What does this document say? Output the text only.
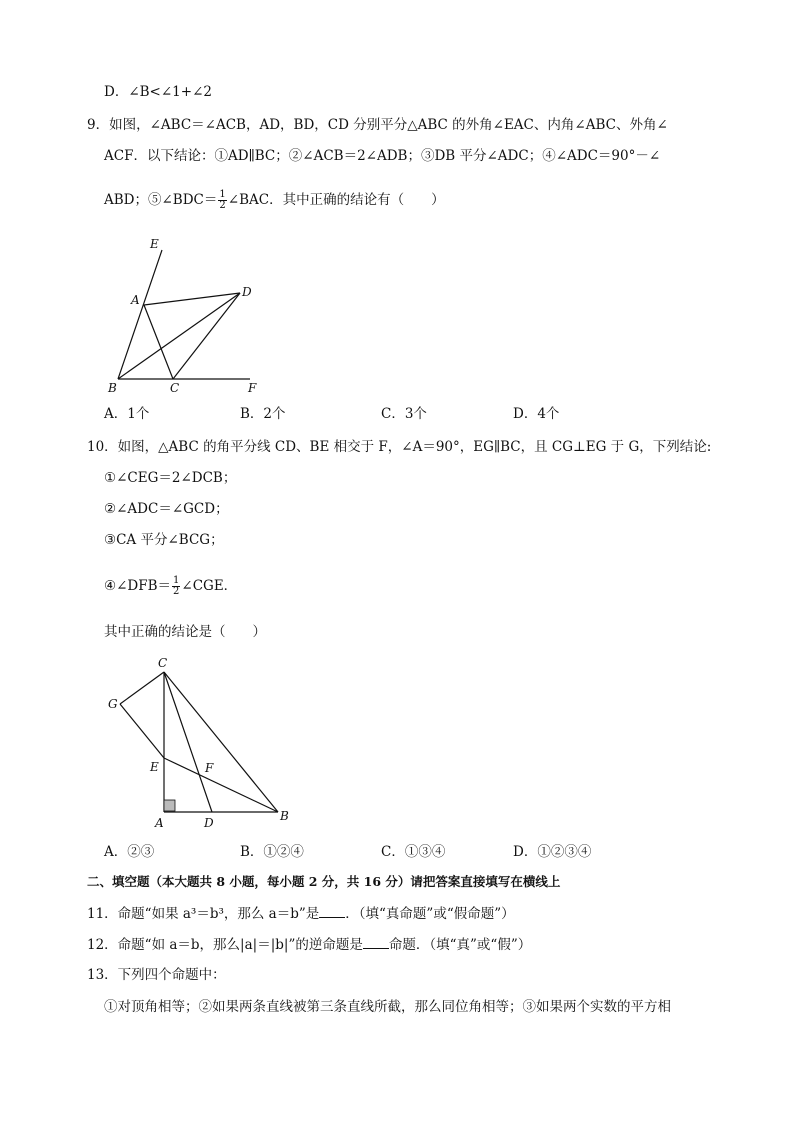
D．∠B<∠1+∠2
9．如图，∠ABC＝∠ACB，AD，BD，CD 分别平分△ABC 的外角∠EAC、内角∠ABC、外角∠
ACF．以下结论：①AD∥BC；②∠ACB＝2∠ADB；③DB 平分∠ADC；④∠ADC＝90°－∠
ABD；⑤∠BDC＝ $\frac{1}{2}$ ∠BAC．其中正确的结论有（　　）
E
A
D
B	C	F
A．1个	B．2个	C．3个	D．4个
10．如图，△ABC 的角平分线 CD、BE 相交于 F，∠A＝90°，EG∥BC，且 CG⊥EG 于 G，下列结论:
①∠CEG＝2∠DCB；
②∠ADC＝∠GCD；
③CA 平分∠BCG；
④∠DFB＝ $\frac{1}{2}$ ∠CGE．
其中正确的结论是（　　）
C
G
E	F
A	D	B
A．②③	B．①②④	C．①③④	D．①②③④
二、填空题（本大题共 8 小题，每小题 2 分，共 16 分）请把答案直接填写在横线上
11．命题“如果 a³＝b³，那么 a＝b”是 ．（填“真命题”或“假命题”）
12．命题“如 a＝b，那么|a|＝|b|”的逆命题是 命题．（填“真”或“假”）
13．下列四个命题中：
①对顶角相等；②如果两条直线被第三条直线所截，那么同位角相等；③如果两个实数的平方相
